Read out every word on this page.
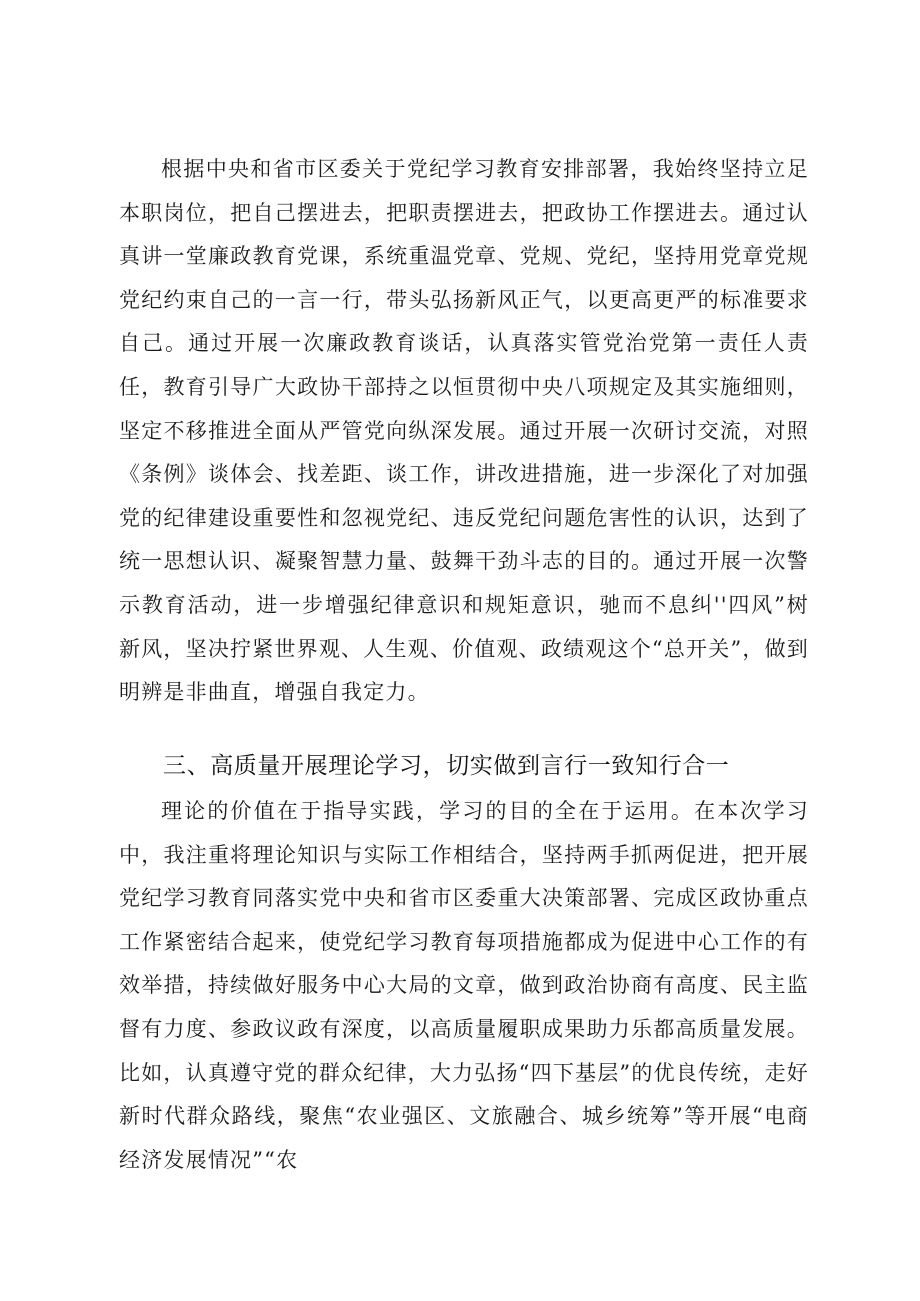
根据中央和省市区委关于党纪学习教育安排部署，我始终坚持立足本职岗位，把自己摆进去，把职责摆进去，把政协工作摆进去。通过认真讲一堂廉政教育党课，系统重温党章、党规、党纪，坚持用党章党规党纪约束自己的一言一行，带头弘扬新风正气，以更高更严的标准要求自己。通过开展一次廉政教育谈话，认真落实管党治党第一责任人责任，教育引导广大政协干部持之以恒贯彻中央八项规定及其实施细则，坚定不移推进全面从严管党向纵深发展。通过开展一次研讨交流，对照《条例》谈体会、找差距、谈工作，讲改进措施，进一步深化了对加强党的纪律建设重要性和忽视党纪、违反党纪问题危害性的认识，达到了统一思想认识、凝聚智慧力量、鼓舞干劲斗志的目的。通过开展一次警示教育活动，进一步增强纪律意识和规矩意识，驰而不息纠''四风”树新风，坚决拧紧世界观、人生观、价值观、政绩观这个“总开关”，做到明辨是非曲直，增强自我定力。

三、高质量开展理论学习，切实做到言行一致知行合一

理论的价值在于指导实践，学习的目的全在于运用。在本次学习中，我注重将理论知识与实际工作相结合，坚持两手抓两促进，把开展党纪学习教育同落实党中央和省市区委重大决策部署、完成区政协重点工作紧密结合起来，使党纪学习教育每项措施都成为促进中心工作的有效举措，持续做好服务中心大局的文章，做到政治协商有高度、民主监督有力度、参政议政有深度，以高质量履职成果助力乐都高质量发展。比如，认真遵守党的群众纪律，大力弘扬“四下基层”的优良传统，走好新时代群众路线，聚焦“农业强区、文旅融合、城乡统筹”等开展“电商经济发展情况”“农
